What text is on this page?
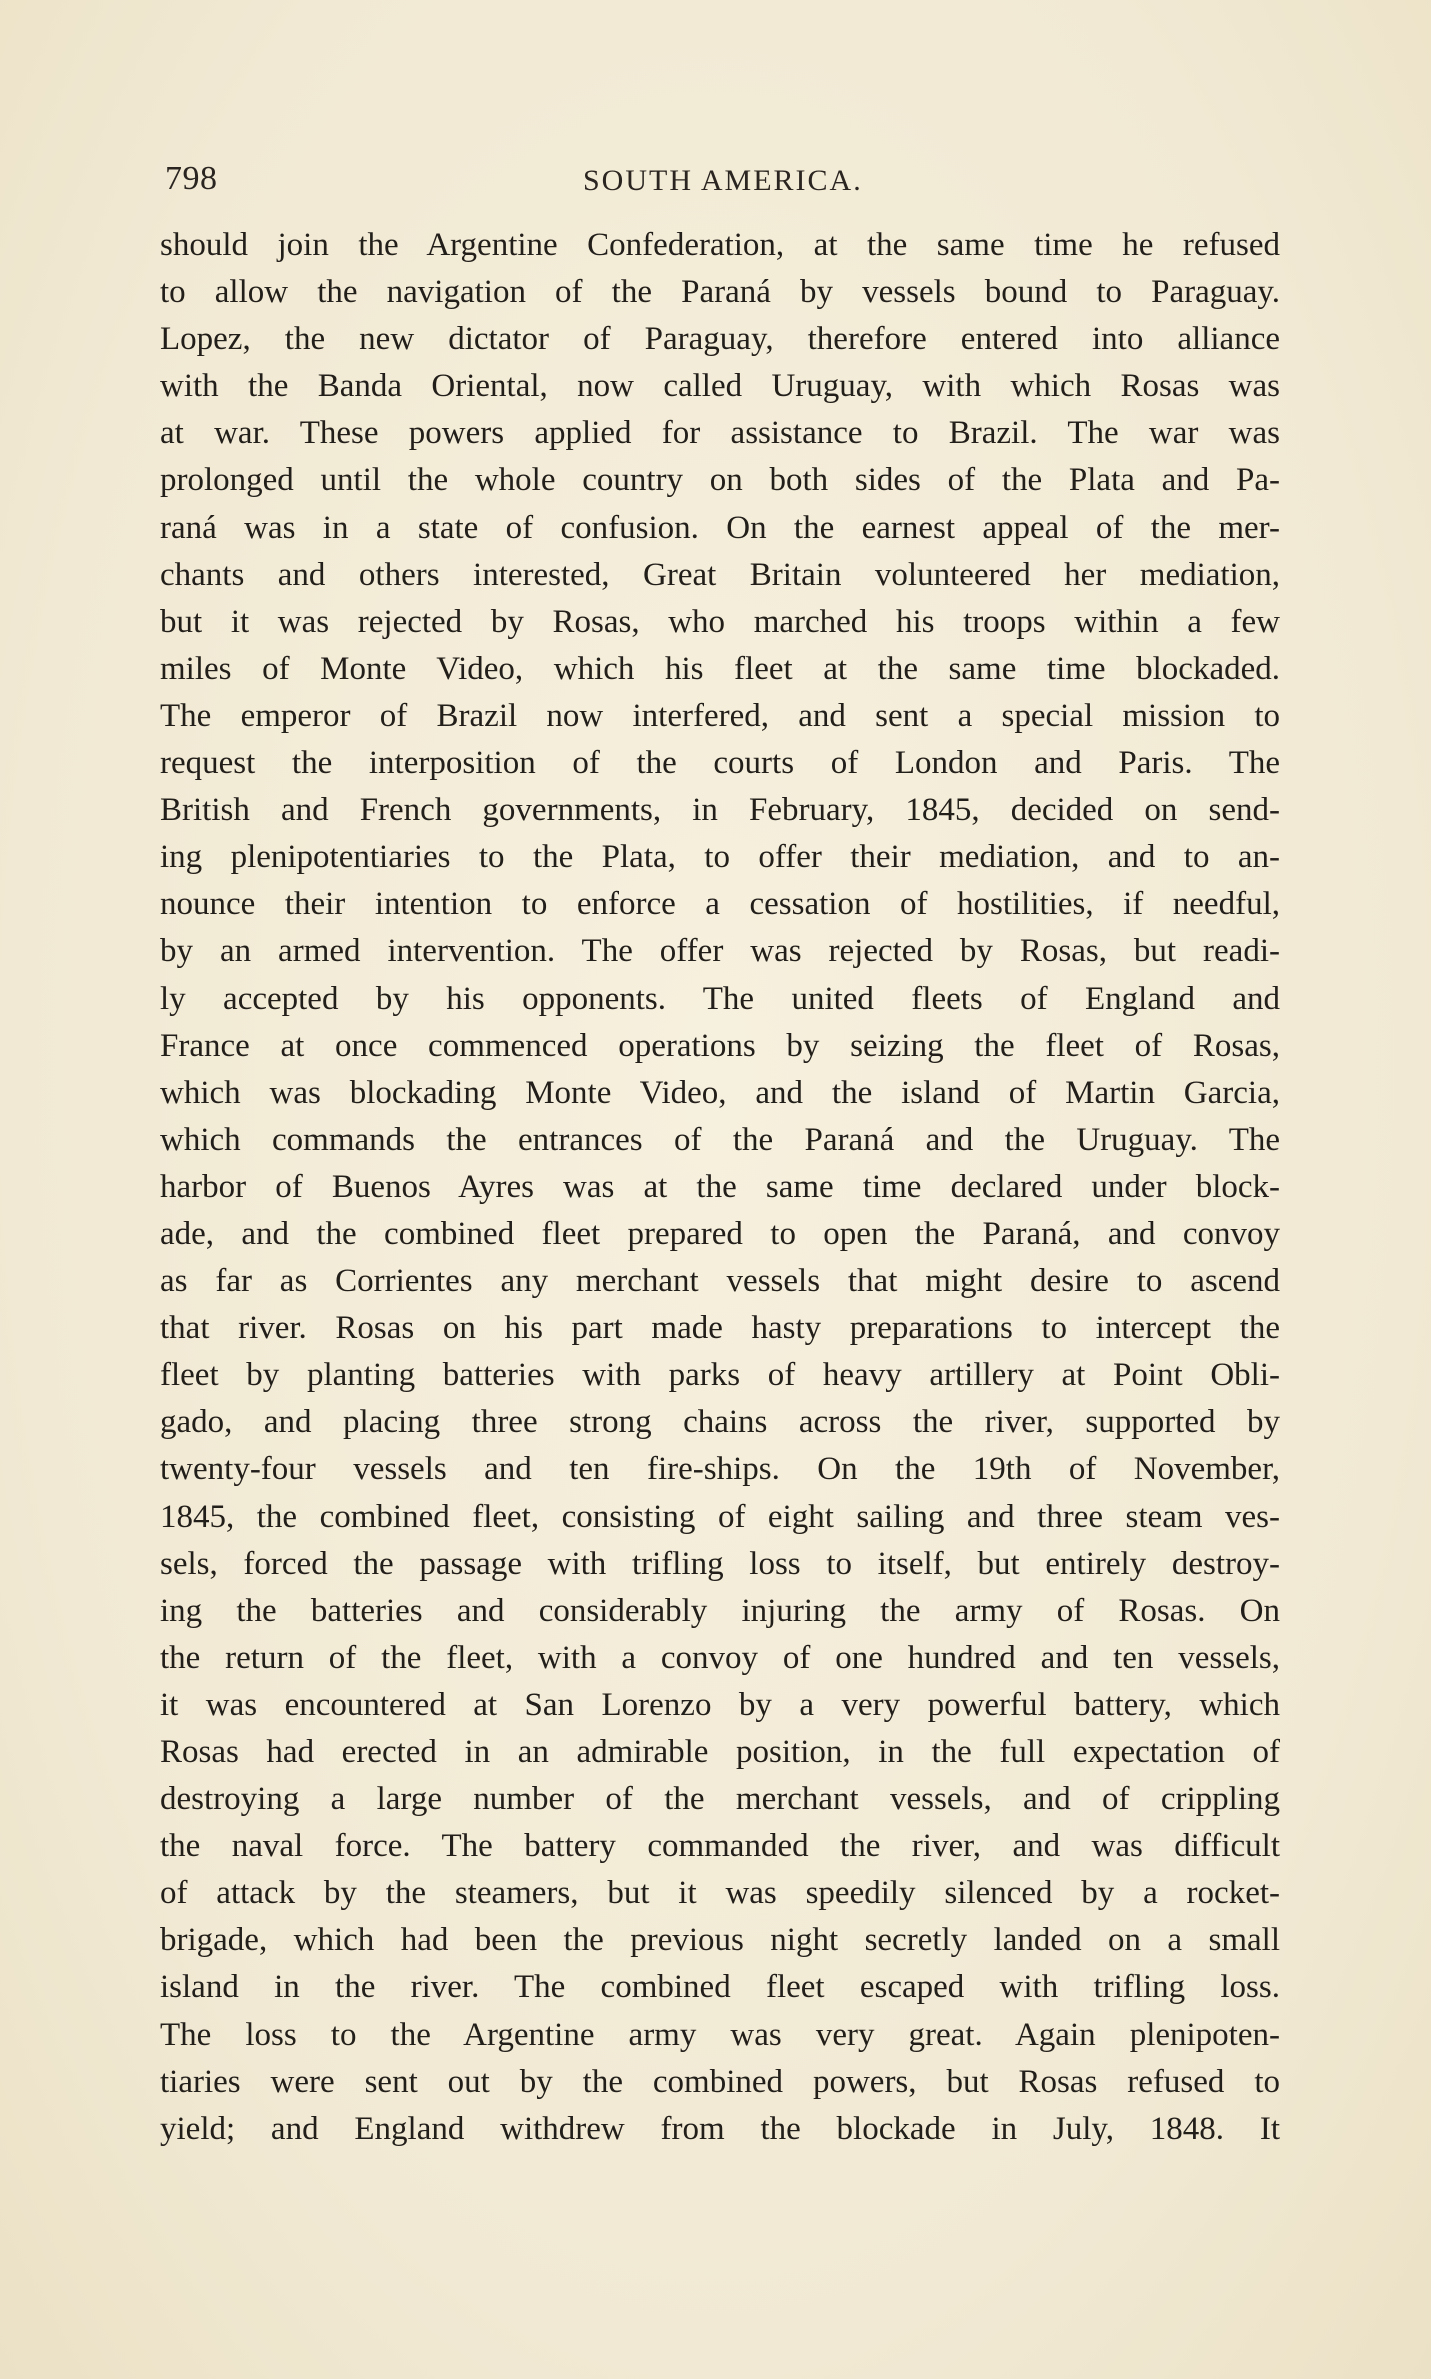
798	SOUTH AMERICA.
should join the Argentine Confederation, at the same time he refused
to allow the navigation of the Paraná by vessels bound to Paraguay.
Lopez, the new dictator of Paraguay, therefore entered into alliance
with the Banda Oriental, now called Uruguay, with which Rosas was
at war. These powers applied for assistance to Brazil. The war was
prolonged until the whole country on both sides of the Plata and Pa-
raná was in a state of confusion. On the earnest appeal of the mer-
chants and others interested, Great Britain volunteered her mediation,
but it was rejected by Rosas, who marched his troops within a few
miles of Monte Video, which his fleet at the same time blockaded.
The emperor of Brazil now interfered, and sent a special mission to
request the interposition of the courts of London and Paris. The
British and French governments, in February, 1845, decided on send-
ing plenipotentiaries to the Plata, to offer their mediation, and to an-
nounce their intention to enforce a cessation of hostilities, if needful,
by an armed intervention. The offer was rejected by Rosas, but readi-
ly accepted by his opponents. The united fleets of England and
France at once commenced operations by seizing the fleet of Rosas,
which was blockading Monte Video, and the island of Martin Garcia,
which commands the entrances of the Paraná and the Uruguay. The
harbor of Buenos Ayres was at the same time declared under block-
ade, and the combined fleet prepared to open the Paraná, and convoy
as far as Corrientes any merchant vessels that might desire to ascend
that river. Rosas on his part made hasty preparations to intercept the
fleet by planting batteries with parks of heavy artillery at Point Obli-
gado, and placing three strong chains across the river, supported by
twenty-four vessels and ten fire-ships. On the 19th of November,
1845, the combined fleet, consisting of eight sailing and three steam ves-
sels, forced the passage with trifling loss to itself, but entirely destroy-
ing the batteries and considerably injuring the army of Rosas. On
the return of the fleet, with a convoy of one hundred and ten vessels,
it was encountered at San Lorenzo by a very powerful battery, which
Rosas had erected in an admirable position, in the full expectation of
destroying a large number of the merchant vessels, and of crippling
the naval force. The battery commanded the river, and was difficult
of attack by the steamers, but it was speedily silenced by a rocket-
brigade, which had been the previous night secretly landed on a small
island in the river. The combined fleet escaped with trifling loss.
The loss to the Argentine army was very great. Again plenipoten-
tiaries were sent out by the combined powers, but Rosas refused to
yield; and England withdrew from the blockade in July, 1848. It
